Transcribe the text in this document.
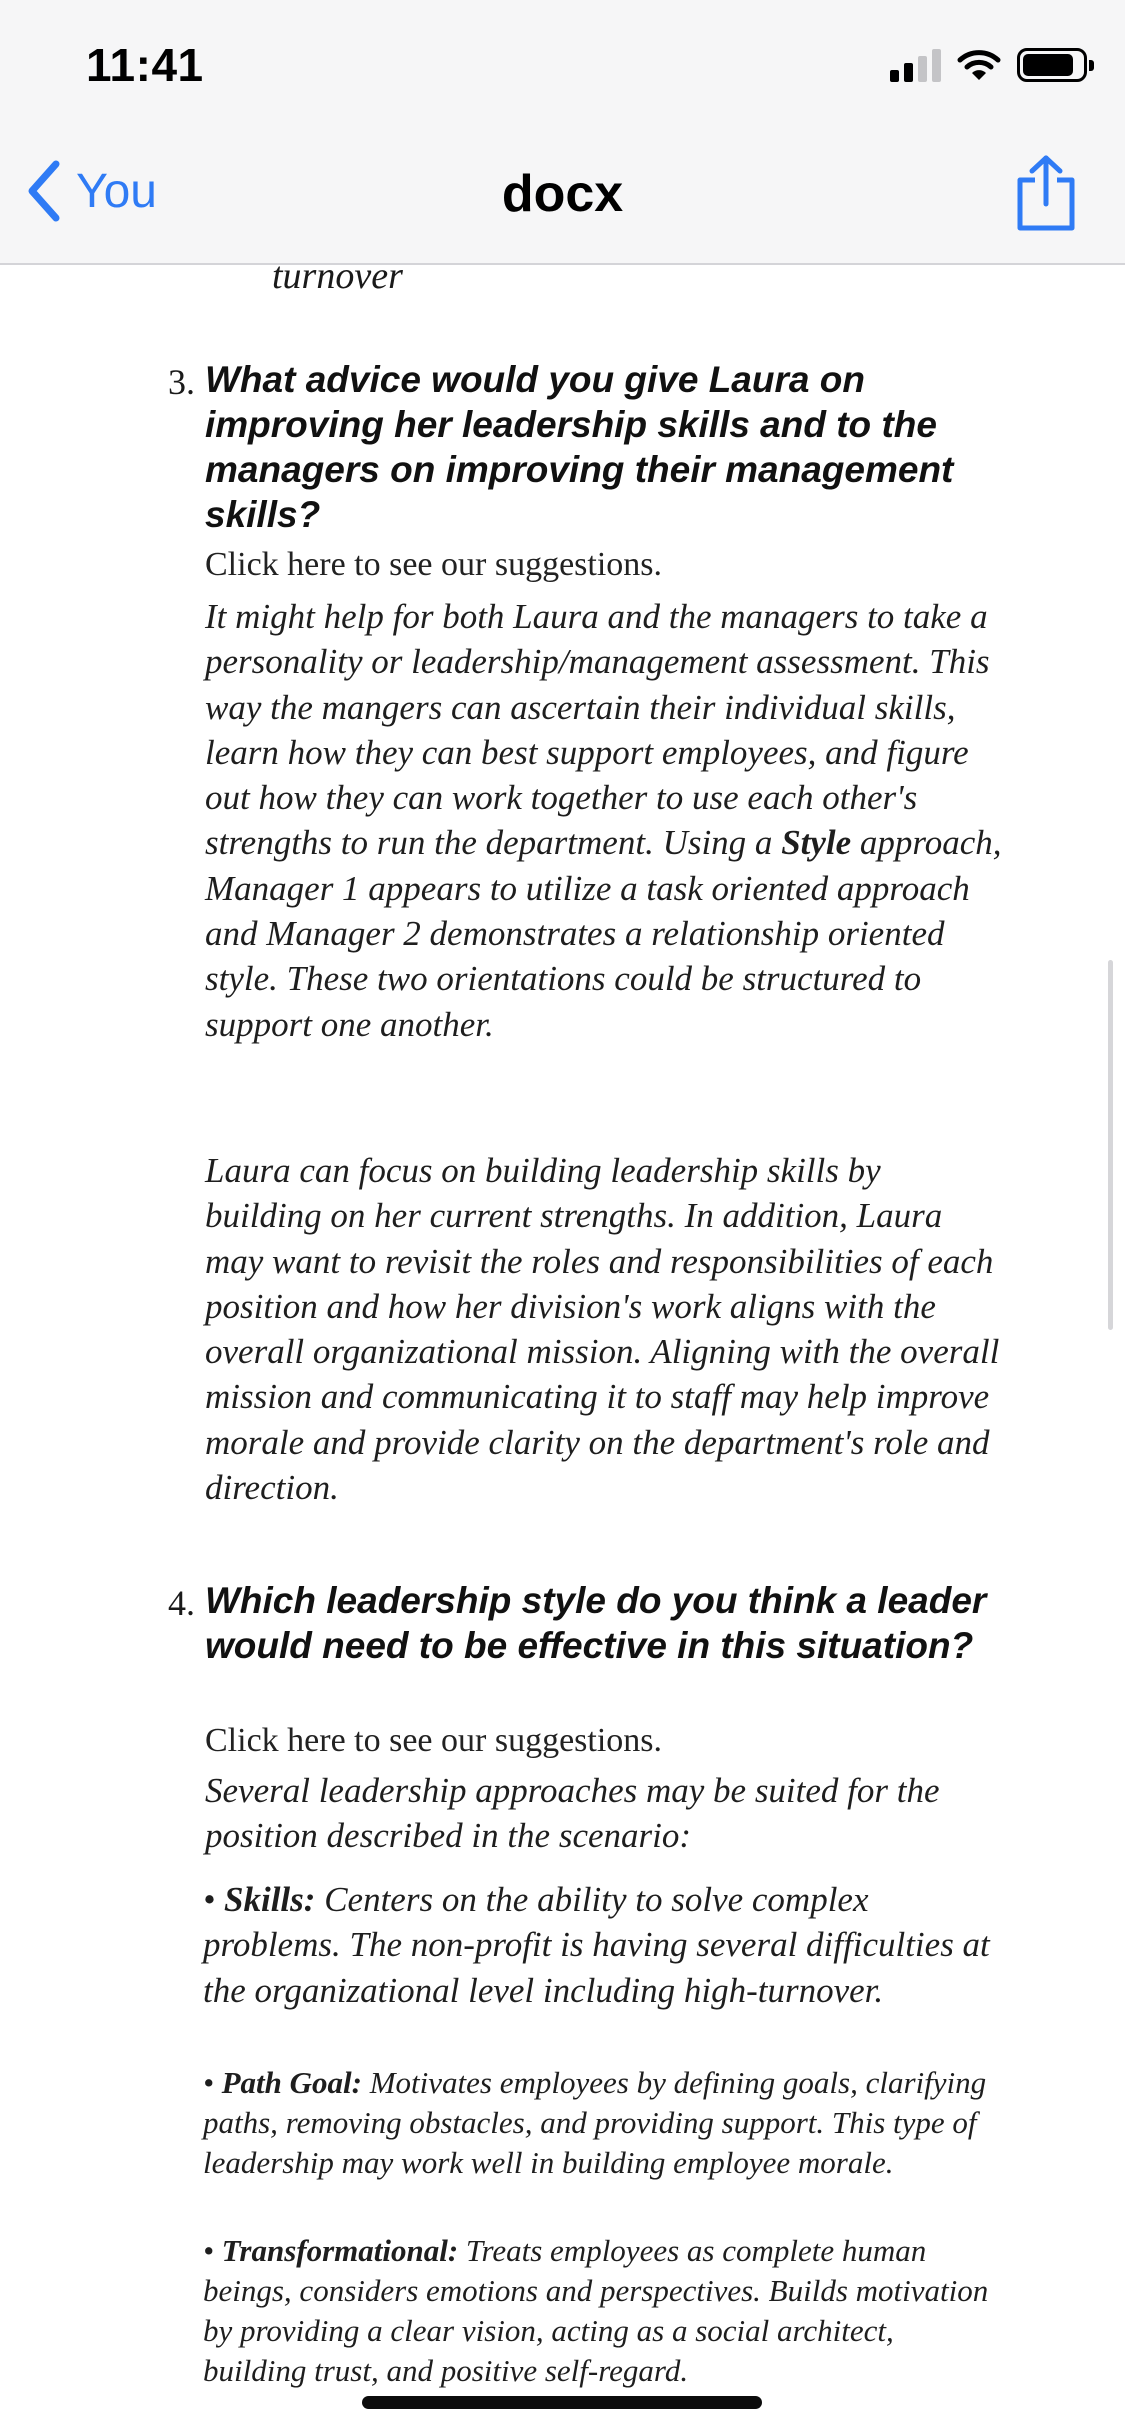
11:41
You	docx
turnover
3. What advice would you give Laura on improving her leadership skills and to the managers on improving their management skills?
Click here to see our suggestions.

It might help for both Laura and the managers to take a personality or leadership/management assessment. This way the mangers can ascertain their individual skills, learn how they can best support employees, and figure out how they can work together to use each other's strengths to run the department. Using a Style approach, Manager 1 appears to utilize a task oriented approach and Manager 2 demonstrates a relationship oriented style. These two orientations could be structured to support one another.

Laura can focus on building leadership skills by building on her current strengths. In addition, Laura may want to revisit the roles and responsibilities of each position and how her division's work aligns with the overall organizational mission. Aligning with the overall mission and communicating it to staff may help improve morale and provide clarity on the department's role and direction.

4. Which leadership style do you think a leader would need to be effective in this situation?
Click here to see our suggestions.

Several leadership approaches may be suited for the position described in the scenario:

• Skills: Centers on the ability to solve complex problems. The non-profit is having several difficulties at the organizational level including high-turnover.

• Path Goal: Motivates employees by defining goals, clarifying paths, removing obstacles, and providing support. This type of leadership may work well in building employee morale.

• Transformational: Treats employees as complete human beings, considers emotions and perspectives. Builds motivation by providing a clear vision, acting as a social architect, building trust, and positive self-regard.
